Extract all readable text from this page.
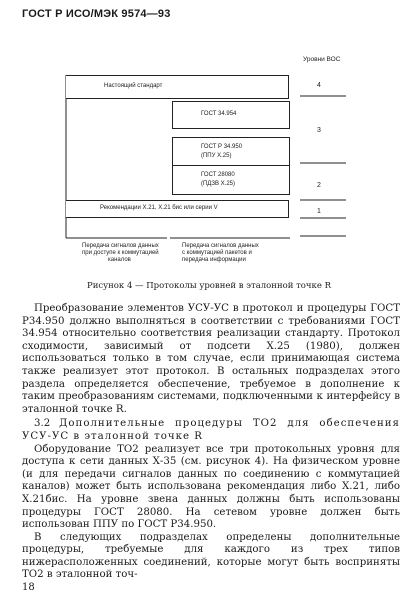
ГОСТ Р ИСО/МЭК 9574—93
Уровни ВОС
4
3
2
1
Настоящий стандарт
ГОСТ 34.954
ГОСТ Р 34.950
(ППУ Х.25)
ГОСТ 28080
(ПДЗВ Х.25)
Рекомендации Х.21, Х.21 бис или серии V
Передача сигналов данных
при доступе к коммутацией
каналов
Передача сигналов данных
с коммутацией пакетов и
передача информации
Рисунок 4 — Протоколы уровней в эталонной точке R

Преобразование элементов УСУ-УС в протокол и процедуры ГОСТ Р34.950 должно выполняться в соответствии с требованиями ГОСТ 34.954 относительно соответствия реализации стандарту. Протокол сходимости, зависимый от подсети Х.25 (1980), должен использоваться только в том случае, если принимающая система также реализует этот протокол. В остальных подразделах этого раздела определяется обеспечение, требуемое в дополнение к таким преобразованиям системами, подключенными к интерфейсу в эталонной точке R.

3.2 Дополнительные процедуры ТО2 для обеспечения УСУ-УС в эталонной точке R

Оборудование ТО2 реализует все три протокольных уровня для доступа к сети данных Х-35 (см. рисунок 4). На физическом уровне (и для передачи сигналов данных по соединению с коммутацией каналов) может быть использована рекомендация либо Х.21, либо Х.21бис. На уровне звена данных должны быть использованы процедуры ГОСТ 28080. На сетевом уровне должен быть использован ППУ по ГОСТ Р34.950.

В следующих подразделах определены дополнительные процедуры, требуемые для каждого из трех типов нижерасположенных соединений, которые могут быть восприняты ТО2 в эталонной точ-

18
